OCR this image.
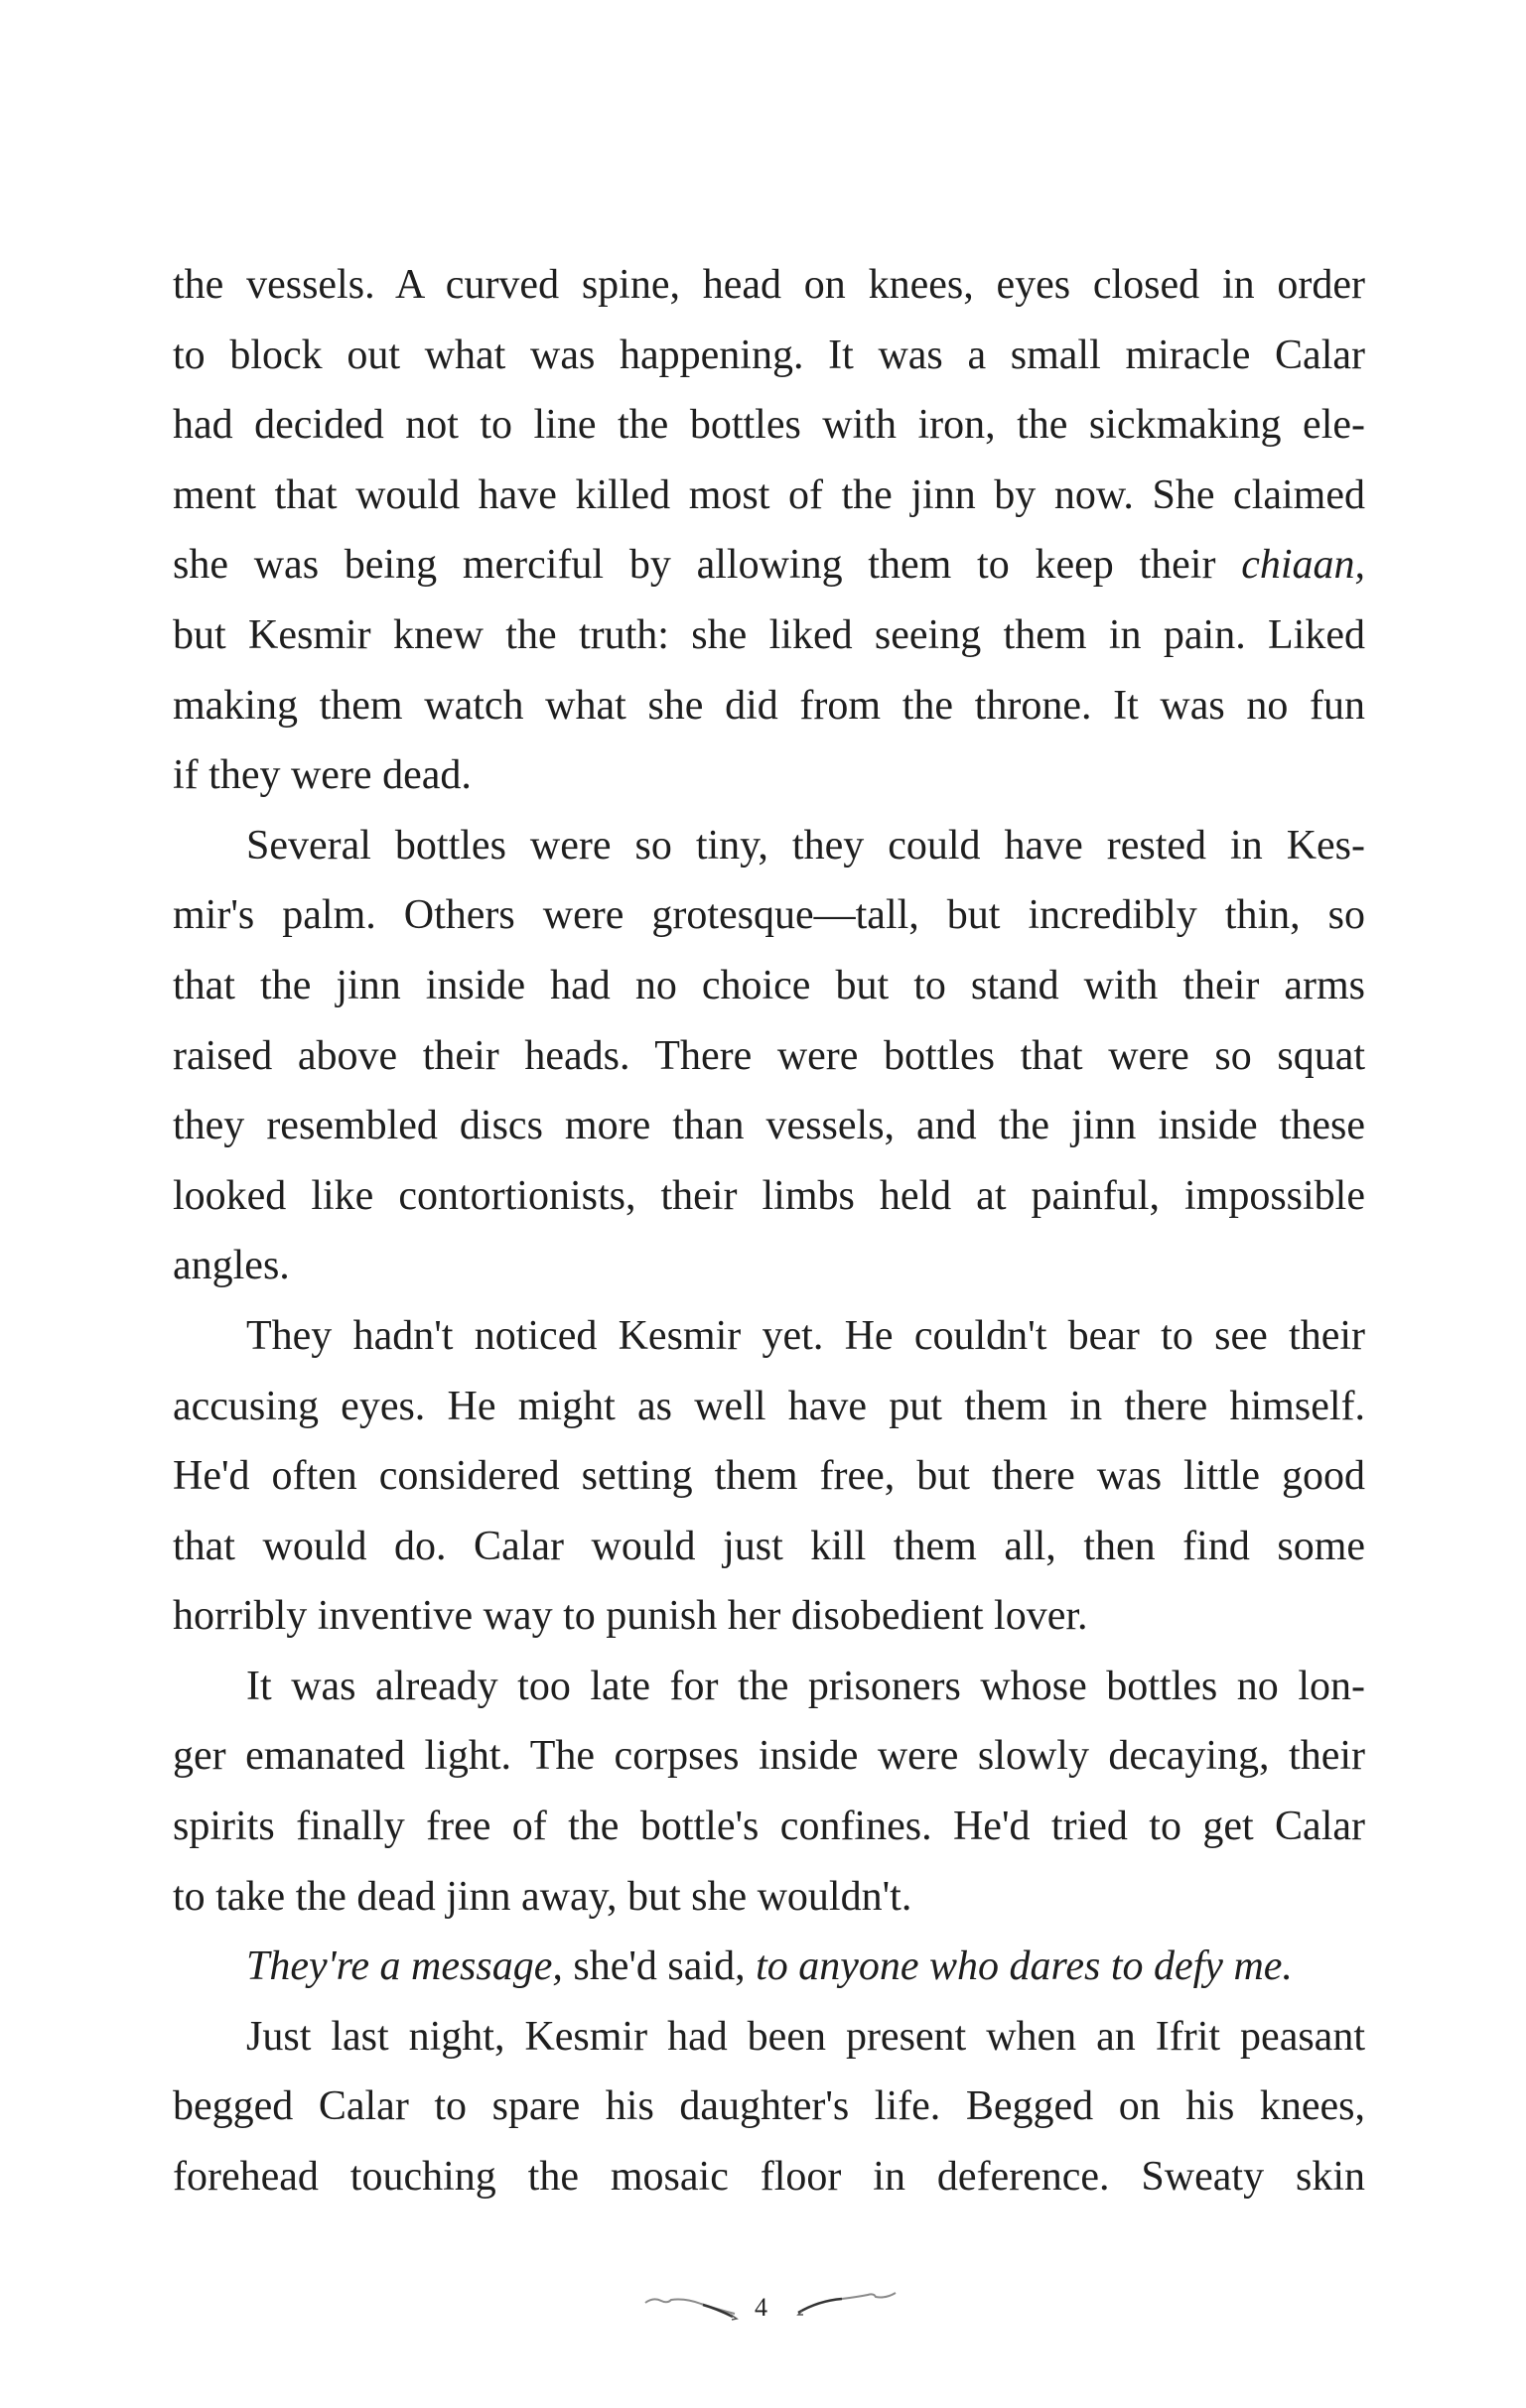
the vessels. A curved spine, head on knees, eyes closed in order
to block out what was happening. It was a small miracle Calar
had decided not to line the bottles with iron, the sickmaking ele-
ment that would have killed most of the jinn by now. She claimed
she was being merciful by allowing them to keep their chiaan,
but Kesmir knew the truth: she liked seeing them in pain. Liked
making them watch what she did from the throne. It was no fun
if they were dead.
Several bottles were so tiny, they could have rested in Kes-
mir's palm. Others were grotesque—tall, but incredibly thin, so
that the jinn inside had no choice but to stand with their arms
raised above their heads. There were bottles that were so squat
they resembled discs more than vessels, and the jinn inside these
looked like contortionists, their limbs held at painful, impossible
angles.
They hadn't noticed Kesmir yet. He couldn't bear to see their
accusing eyes. He might as well have put them in there himself.
He'd often considered setting them free, but there was little good
that would do. Calar would just kill them all, then find some
horribly inventive way to punish her disobedient lover.
It was already too late for the prisoners whose bottles no lon-
ger emanated light. The corpses inside were slowly decaying, their
spirits finally free of the bottle's confines. He'd tried to get Calar
to take the dead jinn away, but she wouldn't.
They're a message, she'd said, to anyone who dares to defy me.
Just last night, Kesmir had been present when an Ifrit peasant
begged Calar to spare his daughter's life. Begged on his knees,
forehead touching the mosaic floor in deference. Sweaty skin
4
